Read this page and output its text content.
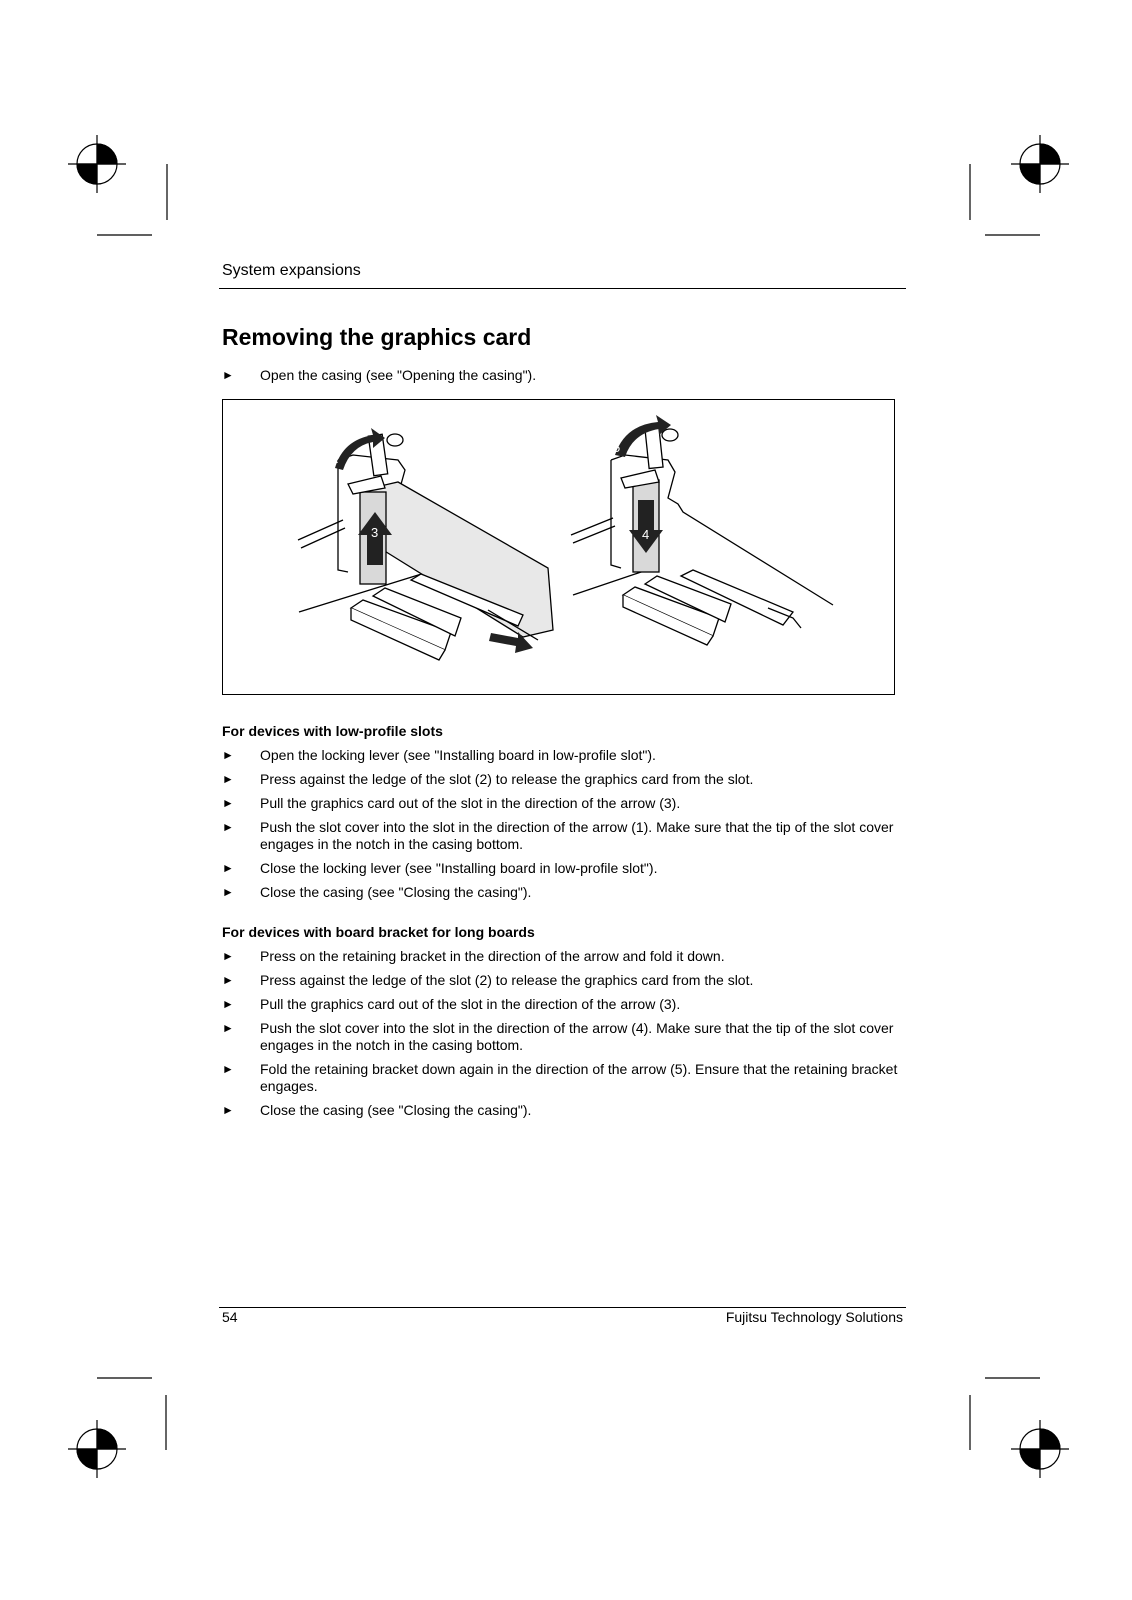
System expansions
Removing the graphics card
► Open the casing (see "Opening the casing").
1
2
3	4
5
For devices with low-profile slots
► Open the locking lever (see "Installing board in low-profile slot").
► Press against the ledge of the slot (2) to release the graphics card from the slot.
► Pull the graphics card out of the slot in the direction of the arrow (3).
► Push the slot cover into the slot in the direction of the arrow (1). Make sure that the tip of the slot cover engages in the notch in the casing bottom.
► Close the locking lever (see "Installing board in low-profile slot").
► Close the casing (see "Closing the casing").
For devices with board bracket for long boards
► Press on the retaining bracket in the direction of the arrow and fold it down.
► Press against the ledge of the slot (2) to release the graphics card from the slot.
► Pull the graphics card out of the slot in the direction of the arrow (3).
► Push the slot cover into the slot in the direction of the arrow (4). Make sure that the tip of the slot cover engages in the notch in the casing bottom.
► Fold the retaining bracket down again in the direction of the arrow (5). Ensure that the retaining bracket engages.
► Close the casing (see "Closing the casing").
54	Fujitsu Technology Solutions
